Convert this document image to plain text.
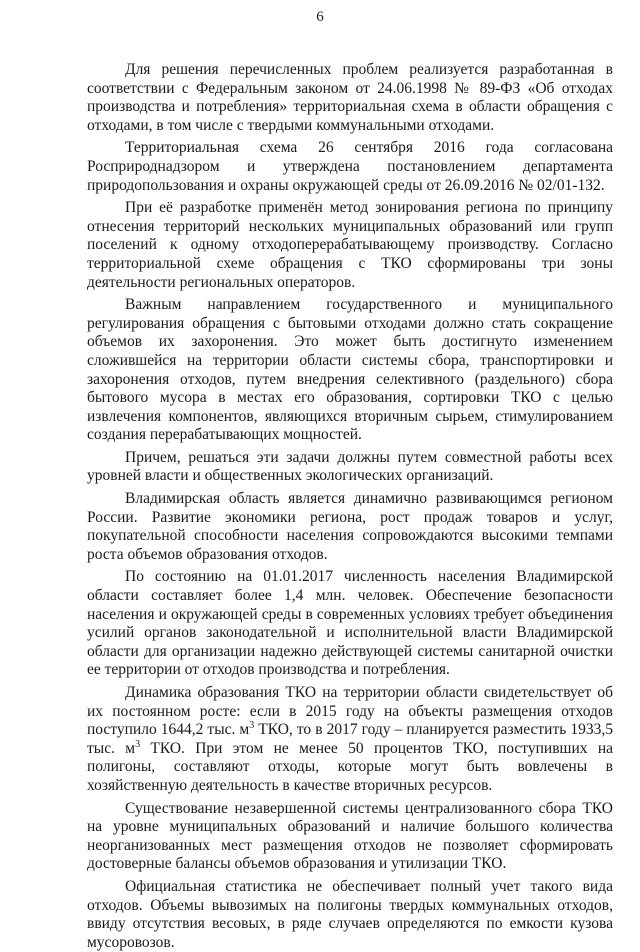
6

Для решения перечисленных проблем реализуется разработанная в соответствии с Федеральным законом от 24.06.1998 № 89-ФЗ «Об отходах производства и потребления» территориальная схема в области обращения с отходами, в том числе с твердыми коммунальными отходами.

Территориальная схема 26 сентября 2016 года согласована Росприроднадзором и утверждена постановлением департамента природопользования и охраны окружающей среды от 26.09.2016 № 02/01-132.

При её разработке применён метод зонирования региона по принципу отнесения территорий нескольких муниципальных образований или групп поселений к одному отходоперерабатывающему производству. Согласно территориальной схеме обращения с ТКО сформированы три зоны деятельности региональных операторов.

Важным направлением государственного и муниципального регулирования обращения с бытовыми отходами должно стать сокращение объемов их захоронения. Это может быть достигнуто изменением сложившейся на территории области системы сбора, транспортировки и захоронения отходов, путем внедрения селективного (раздельного) сбора бытового мусора в местах его образования, сортировки ТКО с целью извлечения компонентов, являющихся вторичным сырьем, стимулированием создания перерабатывающих мощностей.

Причем, решаться эти задачи должны путем совместной работы всех уровней власти и общественных экологических организаций.

Владимирская область является динамично развивающимся регионом России. Развитие экономики региона, рост продаж товаров и услуг, покупательной способности населения сопровождаются высокими темпами роста объемов образования отходов.

По состоянию на 01.01.2017 численность населения Владимирской области составляет более 1,4 млн. человек. Обеспечение безопасности населения и окружающей среды в современных условиях требует объединения усилий органов законодательной и исполнительной власти Владимирской области для организации надежно действующей системы санитарной очистки ее территории от отходов производства и потребления.

Динамика образования ТКО на территории области свидетельствует об их постоянном росте: если в 2015 году на объекты размещения отходов поступило 1644,2 тыс. $м^3$ ТКО, то в 2017 году – планируется разместить 1933,5 тыс. $м^3$ ТКО. При этом не менее 50 процентов ТКО, поступивших на полигоны, составляют отходы, которые могут быть вовлечены в хозяйственную деятельность в качестве вторичных ресурсов.

Существование незавершенной системы централизованного сбора ТКО на уровне муниципальных образований и наличие большого количества неорганизованных мест размещения отходов не позволяет сформировать достоверные балансы объемов образования и утилизации ТКО.

Официальная статистика не обеспечивает полный учет такого вида отходов. Объемы вывозимых на полигоны твердых коммунальных отходов, ввиду отсутствия весовых, в ряде случаев определяются по емкости кузова мусоровозов.
